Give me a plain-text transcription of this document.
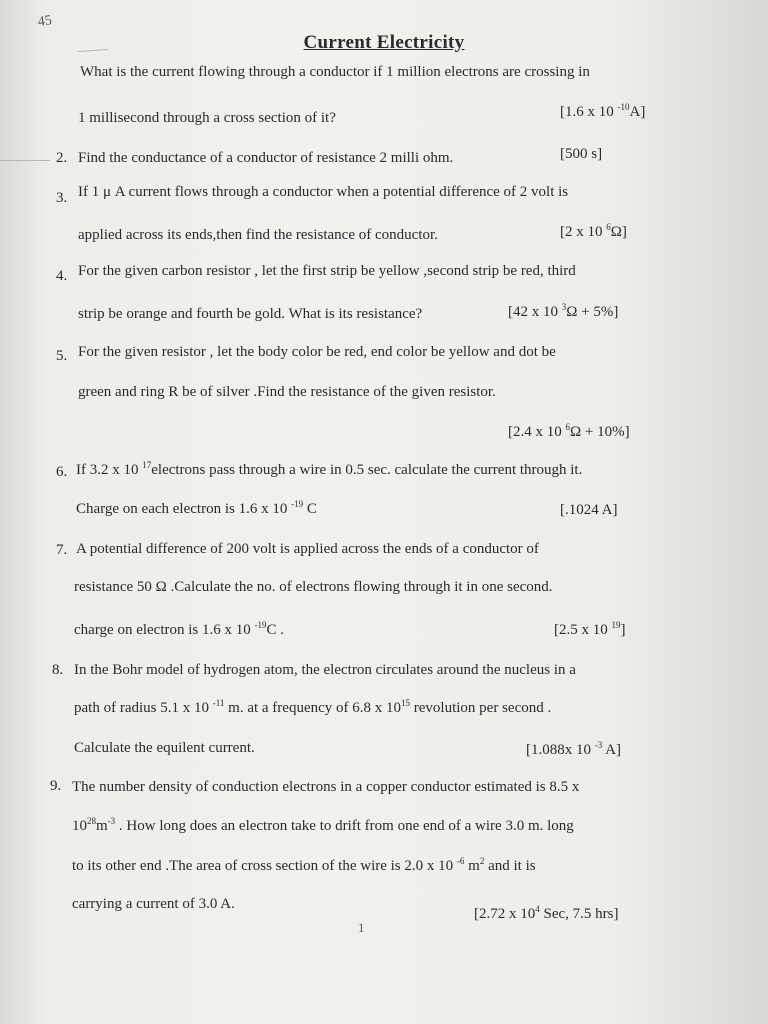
45
Current Electricity
What is the current flowing through a conductor if 1 million electrons are crossing in
1 millisecond through a cross section of it?	[1.6 x 10 $^{-10}$A]
2. Find the conductance of a conductor of resistance 2 milli ohm.	[500 s]
3. If 1 μ A current flows through a conductor when a potential difference of 2 volt is
applied across its ends,then find the resistance of conductor.	[2 x 10 $^6$Ω]
4. For the given carbon resistor , let the first strip be yellow ,second strip be red, third
strip be orange and fourth be gold. What is its resistance?	[42 x 10 $^3$Ω + 5%]
5. For the given resistor , let the body color be red, end color be yellow and dot be
green and ring R be of silver .Find the resistance of the given resistor.
[2.4 x 10 $^6$Ω + 10%]
6. If 3.2 x 10 $^{17}$electrons pass through a wire in 0.5 sec. calculate the current through it.
Charge on each electron is 1.6 x 10 $^{-19}$ C	[.1024 A]
7. A potential difference of 200 volt is applied across the ends of a conductor of
resistance 50 Ω .Calculate the no. of electrons flowing through it in one second.
charge on electron is 1.6 x 10 $^{-19}$C .	[2.5 x 10 $^{19}$]
8. In the Bohr model of hydrogen atom, the electron circulates around the nucleus in a
path of radius 5.1 x 10 $^{-11}$ m. at a frequency of 6.8 x $10^{15}$ revolution per second .
Calculate the equilent current.	[1.088x 10 $^{-3}$ A]
9. The number density of conduction electrons in a copper conductor estimated is 8.5 x
$10^{28}m^{-3}$ . How long does an electron take to drift from one end of a wire 3.0 m. long
to its other end .The area of cross section of the wire is 2.0 x 10 $^{-6}$ $m^2$ and it is
carrying a current of 3.0 A.
[2.72 x $10^4$ Sec, 7.5 hrs]
1
